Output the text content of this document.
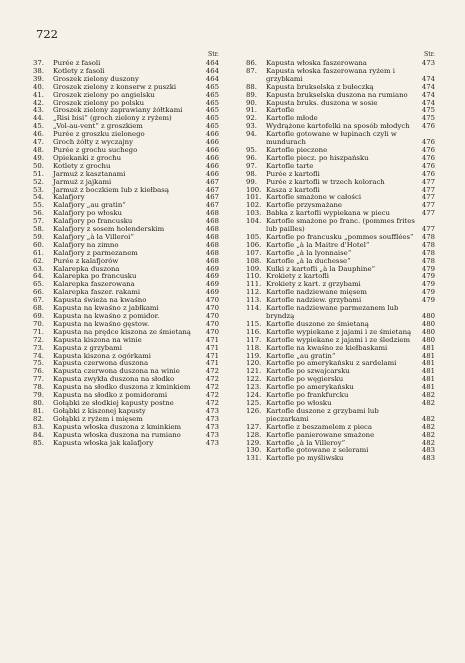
722
Str.
37. Purée z fasoli	464
38. Kotlety z fasoli	464
39. Groszek zielony duszony	464
40. Groszek zielony z konserw z puszki	465
41. Groszek zielony po angielsku	465
42. Groszek zielony po polsku	465
43. Groszek zielony zaprawiany żółtkami	465
44. „Risi bisi“ (groch zielony z ryżem)	465
45. „Vol-au-vent“ z groszkiem	465
46. Purée z groszku zielonego	466
47. Groch żółty z wyczajny	466
48. Purée z grochu suchego	466
49. Opiekanki z grochu	466
50. Kotlety z grochu	466
51. Jarmuż z kasztanami	466
52. Jarmuż z jajkami	467
53. Jarmuż z boczkiem lub z kiełbasą	467
54. Kalafjory	467
55. Kalafjory „au gratin“	467
56. Kalafjory po włosku	468
57. Kalafjory po francusku	468
58. Kalafjory z sosem holenderskim	468
59. Kalafjory „à la Villeroi“	468
60. Kalafjory na zimno	468
61. Kalafjory z parmezanem	468
62. Purée z kalafjorów	468
63. Kalarepka duszona	469
64. Kalarepka po francusku	469
65. Kalarepka faszerowana	469
66. Kalarepka faszer. rakami	469
67. Kapusta świeża na kwaśno	470
68. Kapusta na kwaśno z jabłkami	470
69. Kapusta na kwaśno z pomidor.	470
70. Kapusta na kwaśno gęstow.	470
71. Kapusta na prędce kiszona ze śmietaną 470
72. Kapusta kiszona na winie	471
73. Kapusta z grzybami	471
74. Kapusta kiszona z ogórkami	471
75. Kapusta czerwona duszona	471
76. Kapusta czerwona duszona na winie	472
77. Kapusta zwykła duszona na słodko	472
78. Kapusta na słodko duszona z kminkiem 472
79. Kapusta na słodko z pomidorami	472
80. Gołąbki ze słodkiej kapusty postne	472
81. Gołąbki z kiszonej kapusty	473
82. Gołąbki z ryżem i mięsem	473
83. Kapusta włoska duszona z kminkiem	473
84. Kapusta włoska duszona na rumiano	473
85. Kapusta włoska jak kalafjory	473
Str.
86. Kapusta włoska faszerowana	473
87. Kapusta włoska faszerowana ryżem i grzybkami	474
88. Kapusta brukselska z bułeczką	474
89. Kapusta brukselska duszona na rumiano 474
90. Kapusta bruks. duszona w sosie	474
91. Kartofle	475
92. Kartofle młode	475
93. Wydrążone kartofelki na sposób młodych 476
94. Kartofle gotowane w łupinach czyli w mundurach	476
95. Kartofle pieczone	476
96. Kartofle piecz. po hiszpańsku	476
97. Kartofle tarte	476
98. Purée z kartofli	476
99. Purée z kartofli w trzech kolorach	477
100. Kasza z kartofli	477
101. Kartofle smażone w całości	477
102. Kartofle przysmażane	477
103. Babka z kartofli wypiekana w piecu	477
104. Kartofle smażone po franc. (pommes frites lub pailles)	477
105. Kartofle po francusku „pommes soufflées“ 478
106. Kartofle „à la Maitre d'Hotel“	478
107. Kartofle „à la lyonnaise“	478
108. Kartofle „à la duchesse“	478
109. Kulki z kartofli „à la Dauphine“	479
110. Krokiety z kartofli	479
111. Krokiety z kart. z grzybami	479
112. Kartofle nadziewane mięsem	479
113. Kartofle nadziew. grzybami	479
114. Kartofle nadziewane parmezanem lub bryndzą	480
115. Kartofle duszone ze śmietaną	480
116. Kartofle wypiekane z jajami i ze śmietaną 480
117. Kartofle wypiekane z jajami i ze śledziem 480
118. Kartofle na kwaśno ze kiełbaskami	481
119. Kartofle „au gratin“	481
120. Kartofle po amerykańsku z sardelami	481
121. Kartofle po szwajcarsku	481
122. Kartofle po węgiersku	481
123. Kartofle po amerykańsku	481
124. Kartofle po frankfurcku	482
125. Kartofle po włosku	482
126. Kartofle duszone z grzybami lub pieczarkami	482
127. Kartofle z beszamelem z pieca	482
128. Kartofle panierowane smażone	482
129. Kartofle „à la Villeroy“	482
130. Kartofle gotowane z selerami	483
131. Kartofle po myśliwsku	483
